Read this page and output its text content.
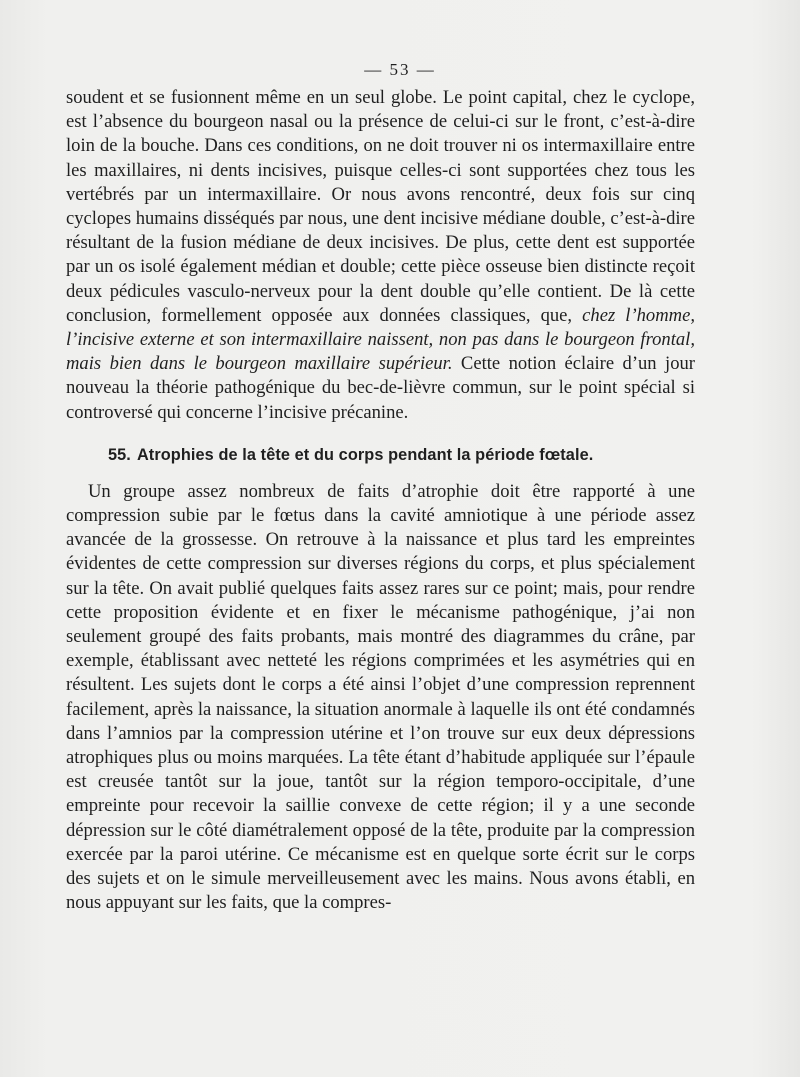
— 53 —

soudent et se fusionnent même en un seul globe. Le point capital, chez le cyclope, est l’absence du bourgeon nasal ou la présence de celui-ci sur le front, c’est-à-dire loin de la bouche. Dans ces conditions, on ne doit trouver ni os intermaxillaire entre les maxillaires, ni dents incisives, puisque celles-ci sont supportées chez tous les vertébrés par un intermaxillaire. Or nous avons rencontré, deux fois sur cinq cyclopes humains disséqués par nous, une dent incisive médiane double, c’est-à-dire résultant de la fusion médiane de deux incisives. De plus, cette dent est supportée par un os isolé également médian et double; cette pièce osseuse bien distincte reçoit deux pédicules vasculo-nerveux pour la dent double qu’elle contient. De là cette conclusion, formellement opposée aux données classiques, que, chez l’homme, l’incisive externe et son intermaxillaire naissent, non pas dans le bourgeon frontal, mais bien dans le bourgeon maxillaire supérieur. Cette notion éclaire d’un jour nouveau la théorie pathogénique du bec-de-lièvre commun, sur le point spécial si controversé qui concerne l’incisive précanine.

55. Atrophies de la tête et du corps pendant la période fœtale.

Un groupe assez nombreux de faits d’atrophie doit être rapporté à une compression subie par le fœtus dans la cavité amniotique à une période assez avancée de la grossesse. On retrouve à la naissance et plus tard les empreintes évidentes de cette compression sur diverses régions du corps, et plus spécialement sur la tête. On avait publié quelques faits assez rares sur ce point; mais, pour rendre cette proposition évidente et en fixer le mécanisme pathogénique, j’ai non seulement groupé des faits probants, mais montré des diagrammes du crâne, par exemple, établissant avec netteté les régions comprimées et les asymétries qui en résultent. Les sujets dont le corps a été ainsi l’objet d’une compression reprennent facilement, après la naissance, la situation anormale à laquelle ils ont été condamnés dans l’amnios par la compression utérine et l’on trouve sur eux deux dépressions atrophiques plus ou moins marquées. La tête étant d’habitude appliquée sur l’épaule est creusée tantôt sur la joue, tantôt sur la région temporo-occipitale, d’une empreinte pour recevoir la saillie convexe de cette région; il y a une seconde dépression sur le côté diamétralement opposé de la tête, produite par la compression exercée par la paroi utérine. Ce mécanisme est en quelque sorte écrit sur le corps des sujets et on le simule merveilleusement avec les mains. Nous avons établi, en nous appuyant sur les faits, que la compres-
